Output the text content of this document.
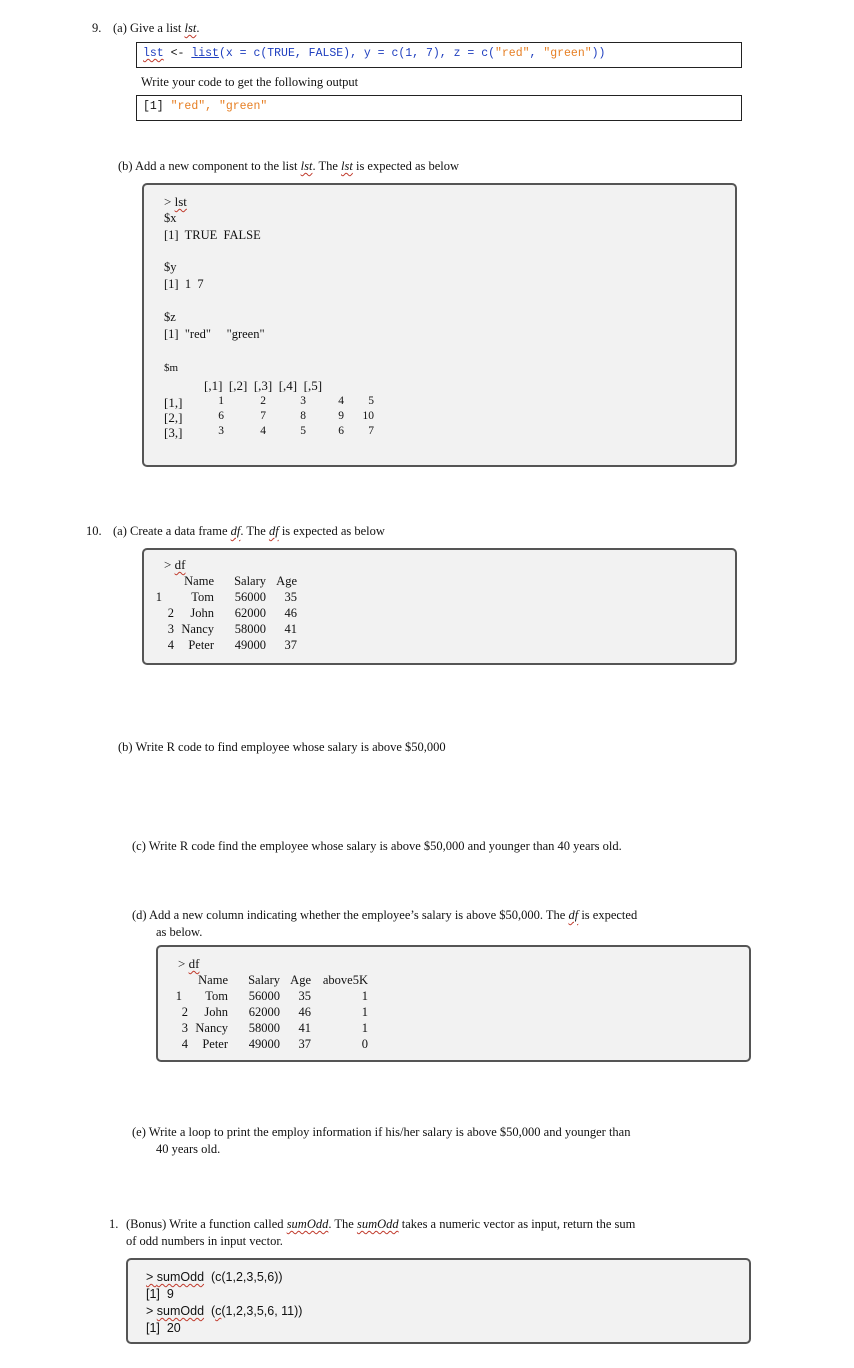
9. (a) Give a list lst.
lst <- list(x = c(TRUE, FALSE), y = c(1, 7), z = c("red", "green"))
Write your code to get the following output
[1] "red", "green"
(b) Add a new component to the list lst. The lst is expected as below
> lst
$x
[1]  TRUE  FALSE
$y
[1]  1  7
$z
[1]  "red"     "green"
$m
[,1]  [,2]  [,3]  [,4]  [,5]
[1,]	1	2	3	4	5
[2,]	6	7	8	9	10
[3,]	3	4	5	6	7
10. (a) Create a data frame df. The df is expected as below
> df
Name	Salary Age
1	Tom	56000	35
2	John	62000	46
3 Nancy	58000	41
4	Peter	49000	37
(b) Write R code to find employee whose salary is above $50,000
(c) Write R code find the employee whose salary is above $50,000 and younger than 40 years old.
(d) Add a new column indicating whether the employee’s salary is above $50,000. The df is expected
as below.
> df
Name	Salary Age above5K
1	Tom	56000	35	1
2	John	62000	46	1
3 Nancy	58000	41	1
4	Peter	49000	37	0
(e) Write a loop to print the employ information if his/her salary is above $50,000 and younger than
40 years old.
1. (Bonus) Write a function called sumOdd. The sumOdd takes a numeric vector as input, return the sum
of odd numbers in input vector.
> sumOdd  (c(1,2,3,5,6))
[1]  9
> sumOdd  (c(1,2,3,5,6, 11))
[1]  20
